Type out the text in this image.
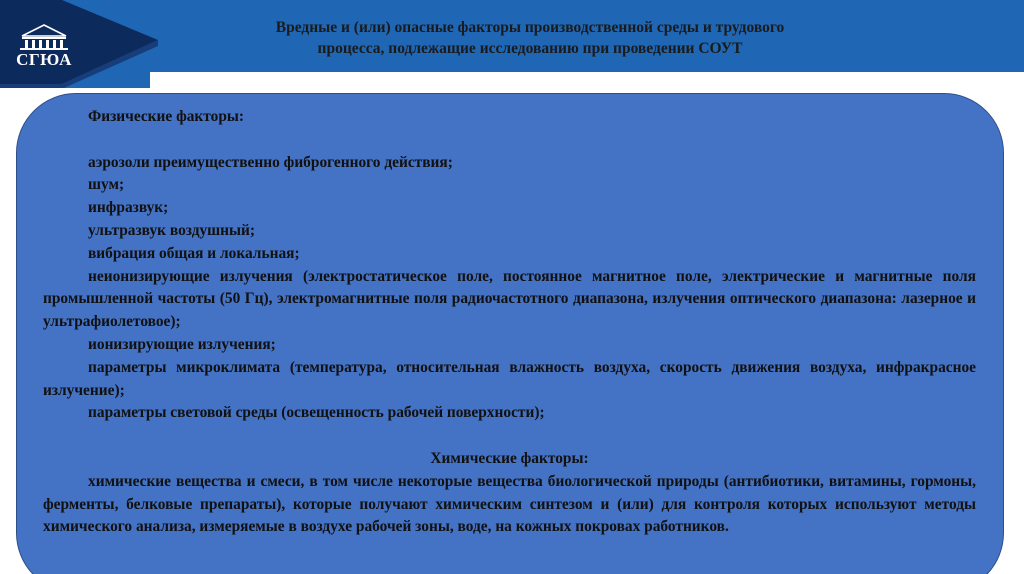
СГЮА
Вредные и (или) опасные факторы производственной среды и трудового
процесса, подлежащие исследованию при проведении СОУТ

Физические факторы:

аэрозоли преимущественно фиброгенного действия;

шум;

инфразвук;

ультразвук воздушный;

вибрация общая и локальная;

неионизирующие излучения (электростатическое поле, постоянное магнитное поле, электрические и магнитные поля промышленной частоты (50 Гц), электромагнитные поля радиочастотного диапазона, излучения оптического диапазона: лазерное и ультрафиолетовое);

ионизирующие излучения;

параметры микроклимата (температура, относительная влажность воздуха, скорость движения воздуха, инфракрасное излучение);

параметры световой среды (освещенность рабочей поверхности);

Химические факторы:

химические вещества и смеси, в том числе некоторые вещества биологической природы (антибиотики, витамины, гормоны, ферменты, белковые препараты), которые получают химическим синтезом и (или) для контроля которых используют методы химического анализа, измеряемые в воздухе рабочей зоны, воде, на кожных покровах работников.
